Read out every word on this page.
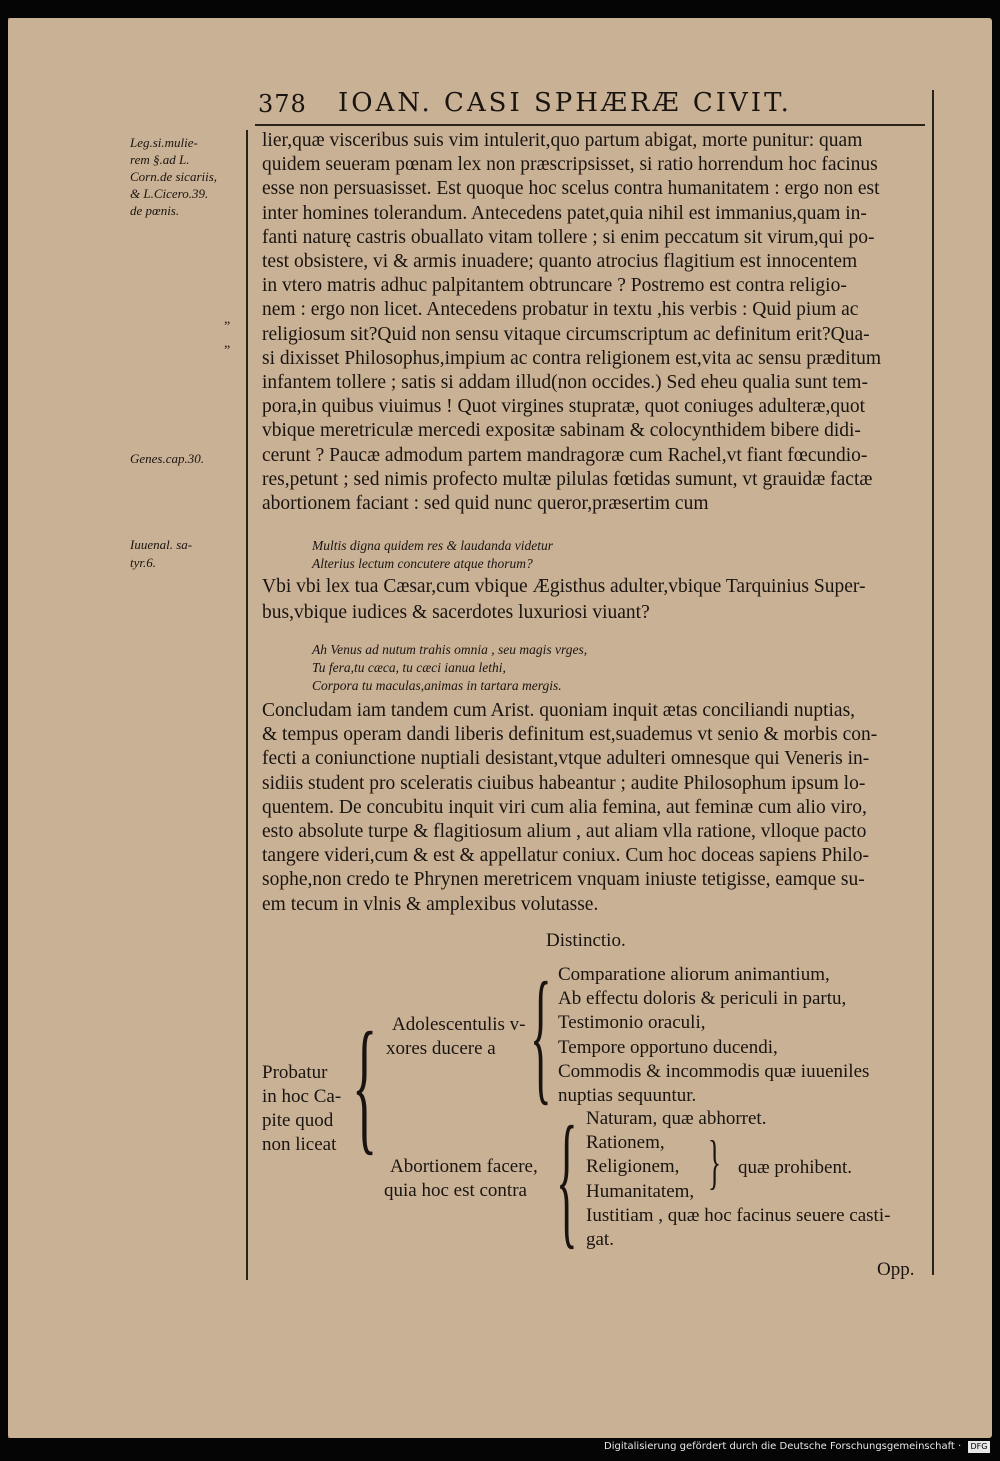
378 IOAN. CASI SPHÆRÆ CIVIT.
Leg.si.mulie-
rem §.ad L.
Corn.de sicariis,
& L.Cicero.39.
de pœnis.
Genes.cap.30.
Iuuenal. sa-
tyr.6.
„
„
lier,quæ visceribus suis vim intulerit,quo partum abigat, morte punitur: quam
quidem seueram pœnam lex non præscripsisset, si ratio horrendum hoc facinus
esse non persuasisset. Est quoque hoc scelus contra humanitatem : ergo non est
inter homines tolerandum. Antecedens patet,quia nihil est immanius,quam in-
fanti naturę castris obuallato vitam tollere ; si enim peccatum sit virum,qui po-
test obsistere, vi & armis inuadere; quanto atrocius flagitium est innocentem
in vtero matris adhuc palpitantem obtruncare ? Postremo est contra religio-
nem : ergo non licet. Antecedens probatur in textu ,his verbis : Quid pium ac
religiosum sit?Quid non sensu vitaque circumscriptum ac definitum erit?Qua-
si dixisset Philosophus,impium ac contra religionem est,vita ac sensu præditum
infantem tollere ; satis si addam illud(non occides.) Sed eheu qualia sunt tem-
pora,in quibus viuimus ! Quot virgines stupratæ, quot coniuges adulteræ,quot
vbique meretriculæ mercedi expositæ sabinam & colocynthidem bibere didi-
cerunt ? Paucæ admodum partem mandragoræ cum Rachel,vt fiant fœcundio-
res,petunt ; sed nimis profecto multæ pilulas fœtidas sumunt, vt grauidæ factæ
abortionem faciant : sed quid nunc queror,præsertim cum
Multis digna quidem res & laudanda videtur
Alterius lectum concutere atque thorum?
Vbi vbi lex tua Cæsar,cum vbique Ægisthus adulter,vbique Tarquinius Super-
bus,vbique iudices & sacerdotes luxuriosi viuant?
Ah Venus ad nutum trahis omnia , seu magis vrges,
Tu fera,tu cæca, tu cæci ianua lethi,
Corpora tu maculas,animas in tartara mergis.
Concludam iam tandem cum Arist. quoniam inquit ætas conciliandi nuptias,
& tempus operam dandi liberis definitum est,suademus vt senio & morbis con-
fecti a coniunctione nuptiali desistant,vtque adulteri omnesque qui Veneris in-
sidiis student pro sceleratis ciuibus habeantur ; audite Philosophum ipsum lo-
quentem. De concubitu inquit viri cum alia femina, aut feminæ cum alio viro,
esto absolute turpe & flagitiosum alium , aut aliam vlla ratione, vlloque pacto
tangere videri,cum & est & appellatur coniux. Cum hoc doceas sapiens Philo-
sophe,non credo te Phrynen meretricem vnquam iniuste tetigisse, eamque su-
em tecum in vlnis & amplexibus volutasse.
Distinctio.
Probatur
in hoc Ca-
pite quod
non liceat { Adolescentulis v-
xores ducere a
Abortionem facere,
quia hoc est contra
{
{ }
Comparatione aliorum animantium,
Ab effectu doloris & periculi in partu,
Testimonio oraculi,
Tempore opportuno ducendi,
Commodis & incommodis quæ iuueniles
nuptias sequuntur.
Naturam, quæ abhorret.
Rationem,
Religionem,
Humanitatem,
Iustitiam , quæ hoc facinus seuere casti-
gat.
quæ prohibent.
Opp.
Digitalisierung gefördert durch die Deutsche Forschungsgemeinschaft ·	DFG
